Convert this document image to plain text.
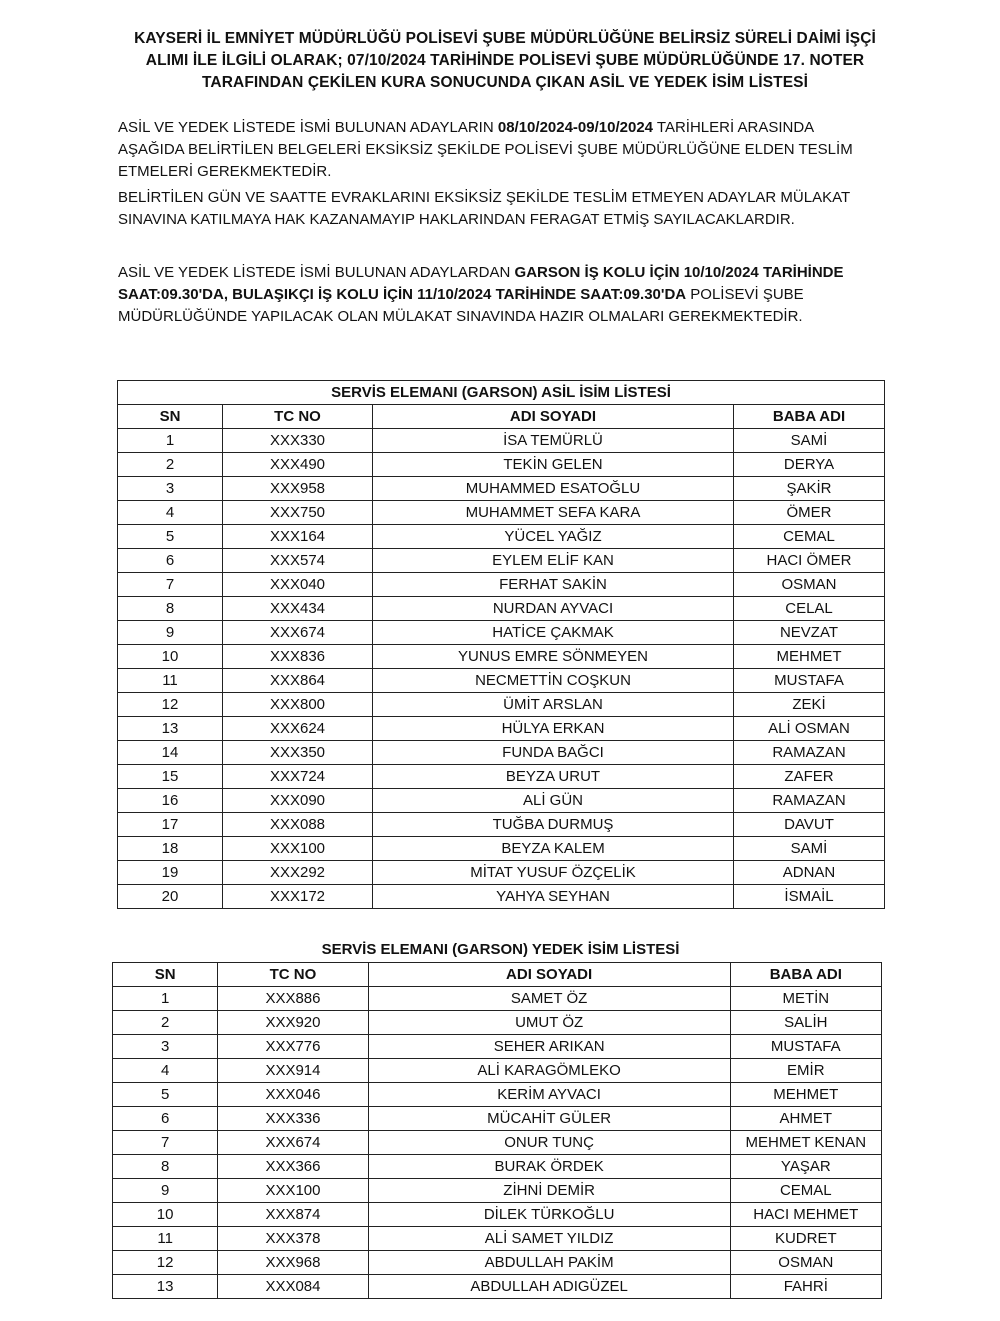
KAYSERİ İL EMNİYET MÜDÜRLÜĞÜ POLİSEVİ ŞUBE MÜDÜRLÜĞÜNE BELİRSİZ SÜRELİ DAİMİ İŞÇİ ALIMI İLE İLGİLİ OLARAK; 07/10/2024 TARİHİNDE POLİSEVİ ŞUBE MÜDÜRLÜĞÜNDE 17. NOTER TARAFINDAN ÇEKİLEN KURA SONUCUNDA ÇIKAN ASİL VE YEDEK İSİM LİSTESİ
ASİL VE YEDEK LİSTEDE İSMİ BULUNAN ADAYLARIN 08/10/2024-09/10/2024 TARİHLERİ ARASINDA AŞAĞIDA BELİRTİLEN BELGELERİ EKSİKSİZ ŞEKİLDE POLİSEVİ ŞUBE MÜDÜRLÜĞÜNE ELDEN TESLİM ETMELERİ GEREKMEKTEDİR.
BELİRTİLEN GÜN VE SAATTE EVRAKLARINI EKSİKSİZ ŞEKİLDE TESLİM ETMEYEN ADAYLAR MÜLAKAT SINAVINA KATILMAYA HAK KAZANAMAYIP HAKLARINDAN FERAGAT ETMİŞ SAYILACAKLARDIR.
ASİL VE YEDEK LİSTEDE İSMİ BULUNAN ADAYLARDAN GARSON İŞ KOLU İÇİN 10/10/2024 TARİHİNDE SAAT:09.30'DA, BULAŞIKÇI İŞ KOLU İÇİN 11/10/2024 TARİHİNDE SAAT:09.30'DA POLİSEVİ ŞUBE MÜDÜRLÜĞÜNDE YAPILACAK OLAN MÜLAKAT SINAVINDA HAZIR OLMALARI GEREKMEKTEDİR.
SERVİS ELEMANI (GARSON) ASİL İSİM LİSTESİ			
SN	TC NO	ADI SOYADI	BABA ADI
1	XXX330	İSA TEMÜRLÜ	SAMİ
2	XXX490	TEKİN GELEN	DERYA
3	XXX958	MUHAMMED ESATOĞLU	ŞAKİR
4	XXX750	MUHAMMET SEFA KARA	ÖMER
5	XXX164	YÜCEL YAĞIZ	CEMAL
6	XXX574	EYLEM ELİF KAN	HACI ÖMER
7	XXX040	FERHAT SAKİN	OSMAN
8	XXX434	NURDAN AYVACI	CELAL
9	XXX674	HATİCE ÇAKMAK	NEVZAT
10	XXX836	YUNUS EMRE SÖNMEYEN	MEHMET
11	XXX864	NECMETTİN COŞKUN	MUSTAFA
12	XXX800	ÜMİT ARSLAN	ZEKİ
13	XXX624	HÜLYA ERKAN	ALİ OSMAN
14	XXX350	FUNDA BAĞCI	RAMAZAN
15	XXX724	BEYZA URUT	ZAFER
16	XXX090	ALİ GÜN	RAMAZAN
17	XXX088	TUĞBA DURMUŞ	DAVUT
18	XXX100	BEYZA KALEM	SAMİ
19	XXX292	MİTAT YUSUF ÖZÇELİK	ADNAN
20	XXX172	YAHYA SEYHAN	İSMAİL
SERVİS ELEMANI (GARSON) YEDEK İSİM LİSTESİ
SN	TC NO	ADI SOYADI	BABA ADI
1	XXX886	SAMET ÖZ	METİN
2	XXX920	UMUT ÖZ	SALİH
3	XXX776	SEHER ARIKAN	MUSTAFA
4	XXX914	ALİ KARAGÖMLEKO	EMİR
5	XXX046	KERİM AYVACI	MEHMET
6	XXX336	MÜCAHİT GÜLER	AHMET
7	XXX674	ONUR TUNÇ	MEHMET KENAN
8	XXX366	BURAK ÖRDEK	YAŞAR
9	XXX100	ZİHNİ DEMİR	CEMAL
10	XXX874	DİLEK TÜRKOĞLU	HACI MEHMET
11	XXX378	ALİ SAMET YILDIZ	KUDRET
12	XXX968	ABDULLAH PAKİM	OSMAN
13	XXX084	ABDULLAH ADIGÜZEL	FAHRİ
